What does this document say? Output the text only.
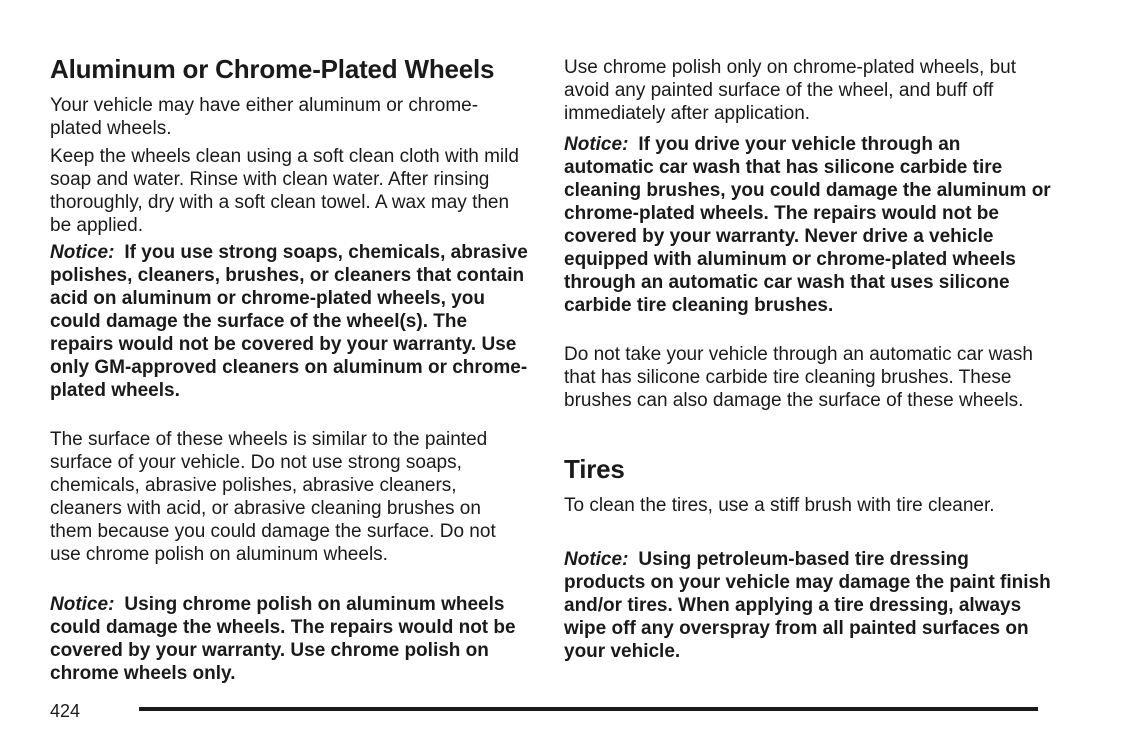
Aluminum or Chrome-Plated Wheels

Your vehicle may have either aluminum or chrome-plated wheels.

Keep the wheels clean using a soft clean cloth with mild soap and water. Rinse with clean water. After rinsing thoroughly, dry with a soft clean towel. A wax may then be applied.

Notice: If you use strong soaps, chemicals, abrasive polishes, cleaners, brushes, or cleaners that contain acid on aluminum or chrome-plated wheels, you could damage the surface of the wheel(s). The repairs would not be covered by your warranty. Use only GM-approved cleaners on aluminum or chrome-plated wheels.

The surface of these wheels is similar to the painted surface of your vehicle. Do not use strong soaps, chemicals, abrasive polishes, abrasive cleaners, cleaners with acid, or abrasive cleaning brushes on them because you could damage the surface. Do not use chrome polish on aluminum wheels.

Notice: Using chrome polish on aluminum wheels could damage the wheels. The repairs would not be covered by your warranty. Use chrome polish on chrome wheels only.

Use chrome polish only on chrome-plated wheels, but avoid any painted surface of the wheel, and buff off immediately after application.

Notice: If you drive your vehicle through an automatic car wash that has silicone carbide tire cleaning brushes, you could damage the aluminum or chrome-plated wheels. The repairs would not be covered by your warranty. Never drive a vehicle equipped with aluminum or chrome-plated wheels through an automatic car wash that uses silicone carbide tire cleaning brushes.

Do not take your vehicle through an automatic car wash that has silicone carbide tire cleaning brushes. These brushes can also damage the surface of these wheels.

Tires

To clean the tires, use a stiff brush with tire cleaner.

Notice: Using petroleum-based tire dressing products on your vehicle may damage the paint finish and/or tires. When applying a tire dressing, always wipe off any overspray from all painted surfaces on your vehicle.

424
